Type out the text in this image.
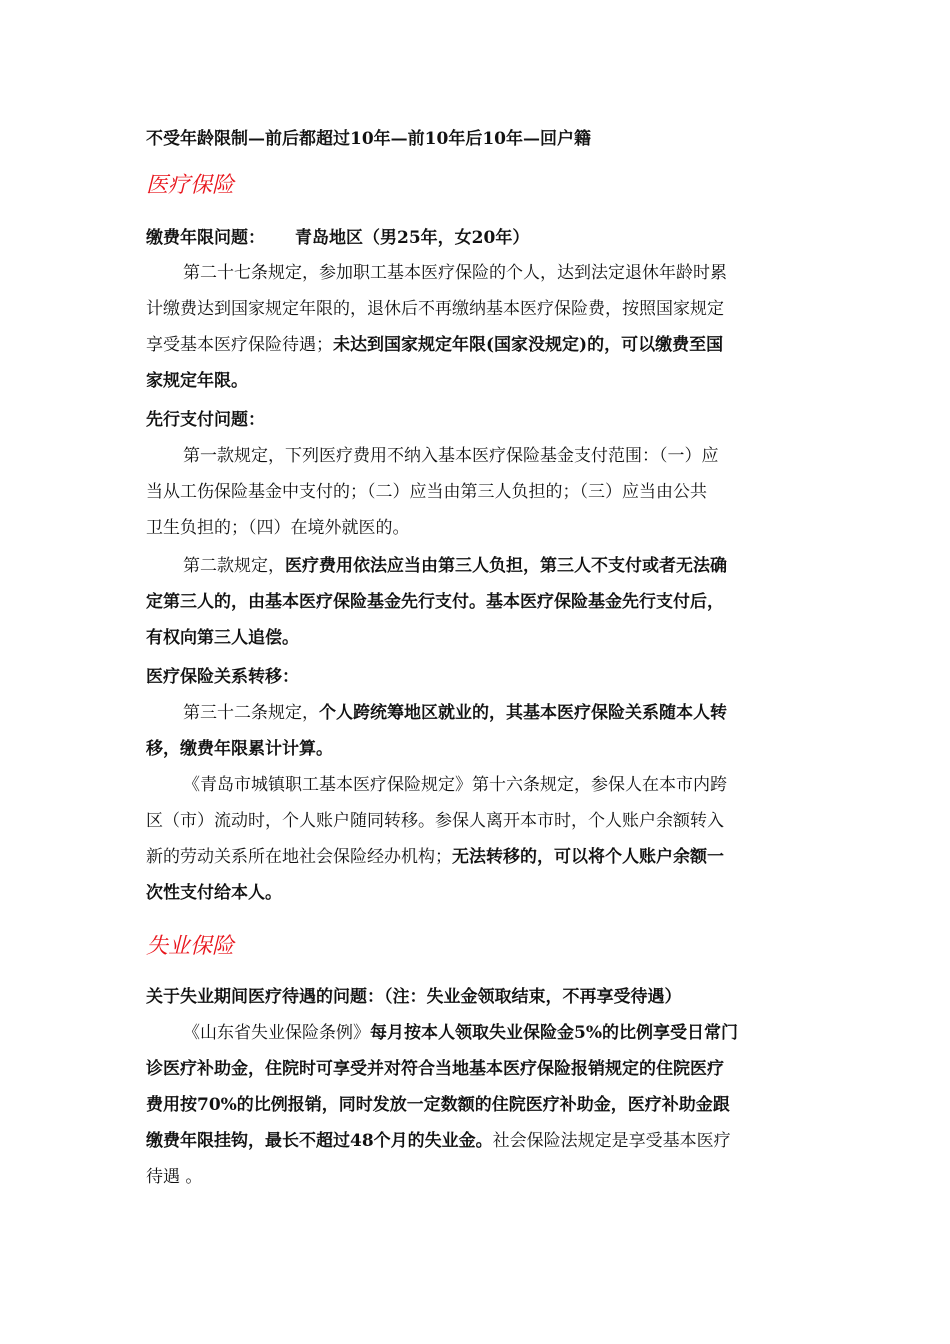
不受年龄限制—前后都超过10年—前10年后10年—回户籍
医疗保险
缴费年限问题： 青岛地区（男25年，女20年）
第二十七条规定，参加职工基本医疗保险的个人，达到法定退休年龄时累
计缴费达到国家规定年限的，退休后不再缴纳基本医疗保险费，按照国家规定
享受基本医疗保险待遇；未达到国家规定年限(国家没规定)的，可以缴费至国
家规定年限。
先行支付问题：
第一款规定，下列医疗费用不纳入基本医疗保险基金支付范围：（一）应
当从工伤保险基金中支付的；（二）应当由第三人负担的；（三）应当由公共
卫生负担的；（四）在境外就医的。
第二款规定，医疗费用依法应当由第三人负担，第三人不支付或者无法确
定第三人的，由基本医疗保险基金先行支付。基本医疗保险基金先行支付后，
有权向第三人追偿。
医疗保险关系转移：
第三十二条规定，个人跨统筹地区就业的，其基本医疗保险关系随本人转
移，缴费年限累计计算。
《青岛市城镇职工基本医疗保险规定》第十六条规定，参保人在本市内跨
区（市）流动时，个人账户随同转移。参保人离开本市时，个人账户余额转入
新的劳动关系所在地社会保险经办机构；无法转移的，可以将个人账户余额一
次性支付给本人。
失业保险
关于失业期间医疗待遇的问题：（注：失业金领取结束，不再享受待遇）
《山东省失业保险条例》每月按本人领取失业保险金5%的比例享受日常门
诊医疗补助金，住院时可享受并对符合当地基本医疗保险报销规定的住院医疗
费用按70%的比例报销，同时发放一定数额的住院医疗补助金，医疗补助金跟
缴费年限挂钩，最长不超过48个月的失业金。社会保险法规定是享受基本医疗
待遇 。
